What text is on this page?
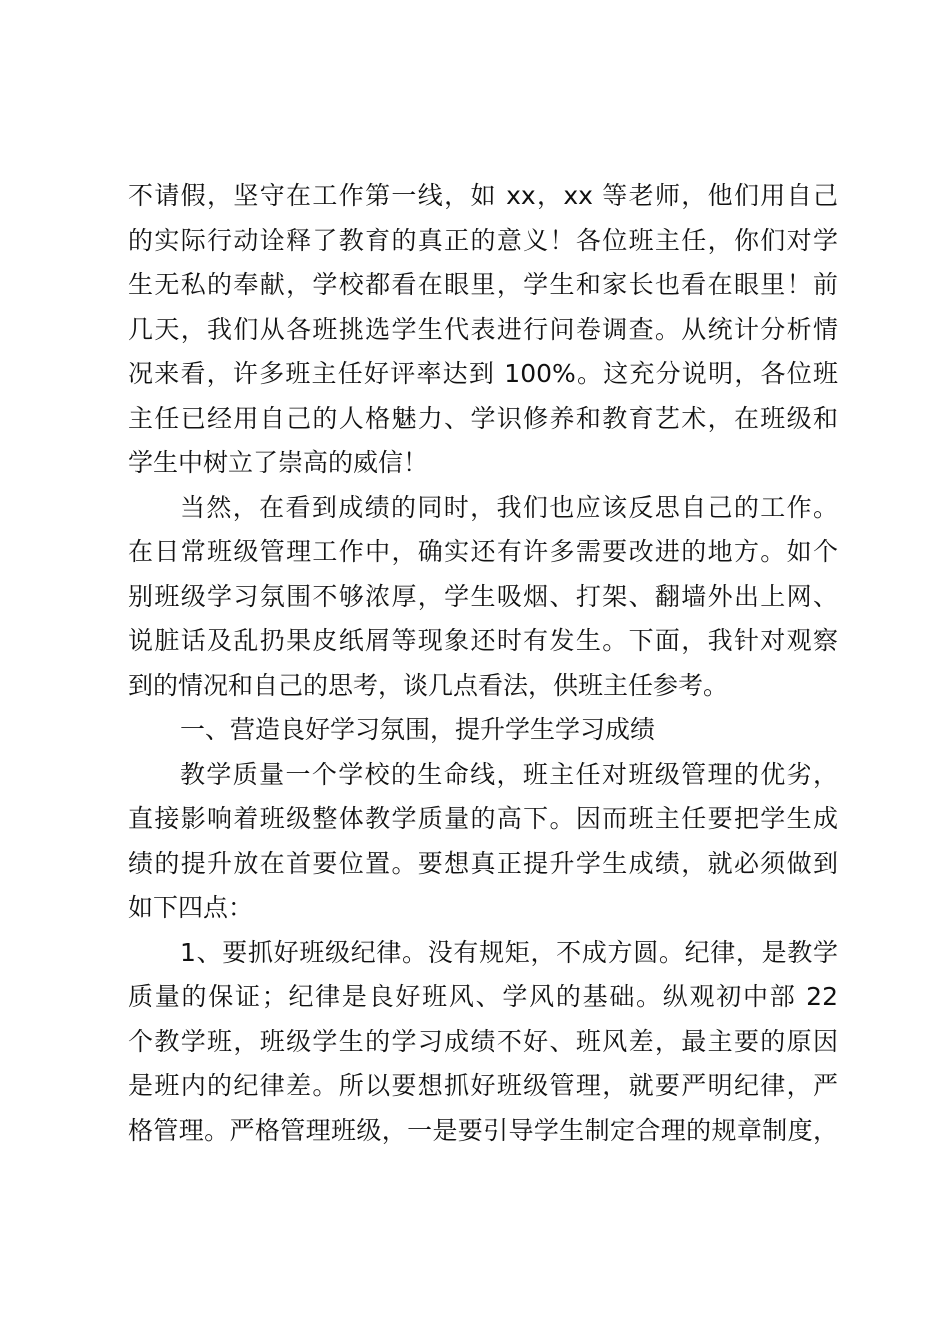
不请假，坚守在工作第一线，如 xx，xx 等老师，他们用自己
的实际行动诠释了教育的真正的意义！各位班主任，你们对学
生无私的奉献，学校都看在眼里，学生和家长也看在眼里！前
几天，我们从各班挑选学生代表进行问卷调查。从统计分析情
况来看，许多班主任好评率达到 100%。这充分说明，各位班
主任已经用自己的人格魅力、学识修养和教育艺术，在班级和
学生中树立了崇高的威信！
当然，在看到成绩的同时，我们也应该反思自己的工作。
在日常班级管理工作中，确实还有许多需要改进的地方。如个
别班级学习氛围不够浓厚，学生吸烟、打架、翻墙外出上网、
说脏话及乱扔果皮纸屑等现象还时有发生。下面，我针对观察
到的情况和自己的思考，谈几点看法，供班主任参考。
一、营造良好学习氛围，提升学生学习成绩
教学质量一个学校的生命线，班主任对班级管理的优劣，
直接影响着班级整体教学质量的高下。因而班主任要把学生成
绩的提升放在首要位置。要想真正提升学生成绩，就必须做到
如下四点：
1、要抓好班级纪律。没有规矩，不成方圆。纪律，是教学
质量的保证；纪律是良好班风、学风的基础。纵观初中部 22
个教学班，班级学生的学习成绩不好、班风差，最主要的原因
是班内的纪律差。所以要想抓好班级管理，就要严明纪律，严
格管理。严格管理班级，一是要引导学生制定合理的规章制度，
